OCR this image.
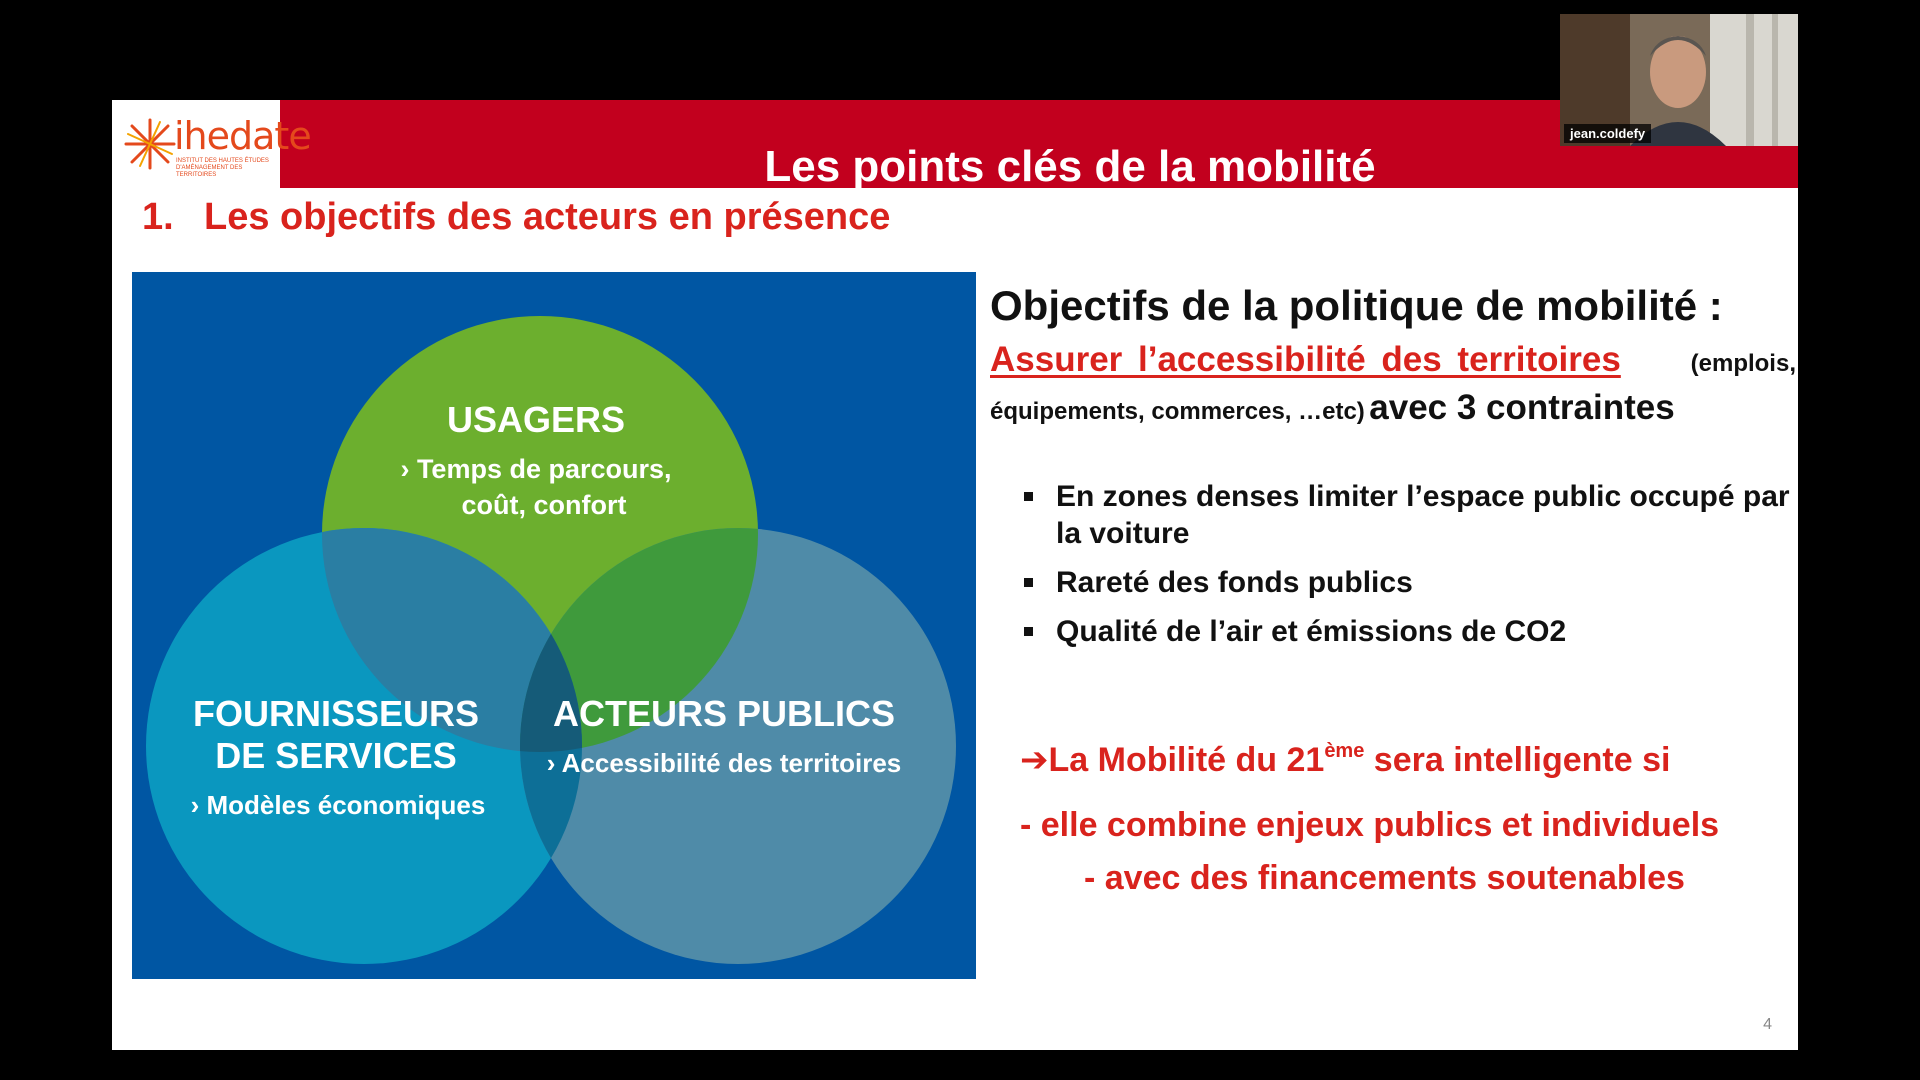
Les points clés de la mobilité
ihedate
INSTITUT DES HAUTES ÉTUDES D'AMÉNAGEMENT DES TERRITOIRES
1. Les objectifs des acteurs en présence
USAGERS
› Temps de parcours,
coût, confort
FOURNISSEURS
DE SERVICES
› Modèles économiques
ACTEURS PUBLICS
› Accessibilité des territoires
Objectifs de la politique de mobilité :
Assurer l’accessibilité des territoires	(emplois,
équipements, commerces, …etc) avec 3 contraintes
En zones denses limiter l’espace public occupé par la voiture
Rareté des fonds publics
Qualité de l’air et émissions de CO2
➔La Mobilité du 21ème sera intelligente si
- elle combine enjeux publics et individuels
- avec des financements soutenables
4
jean.coldefy
